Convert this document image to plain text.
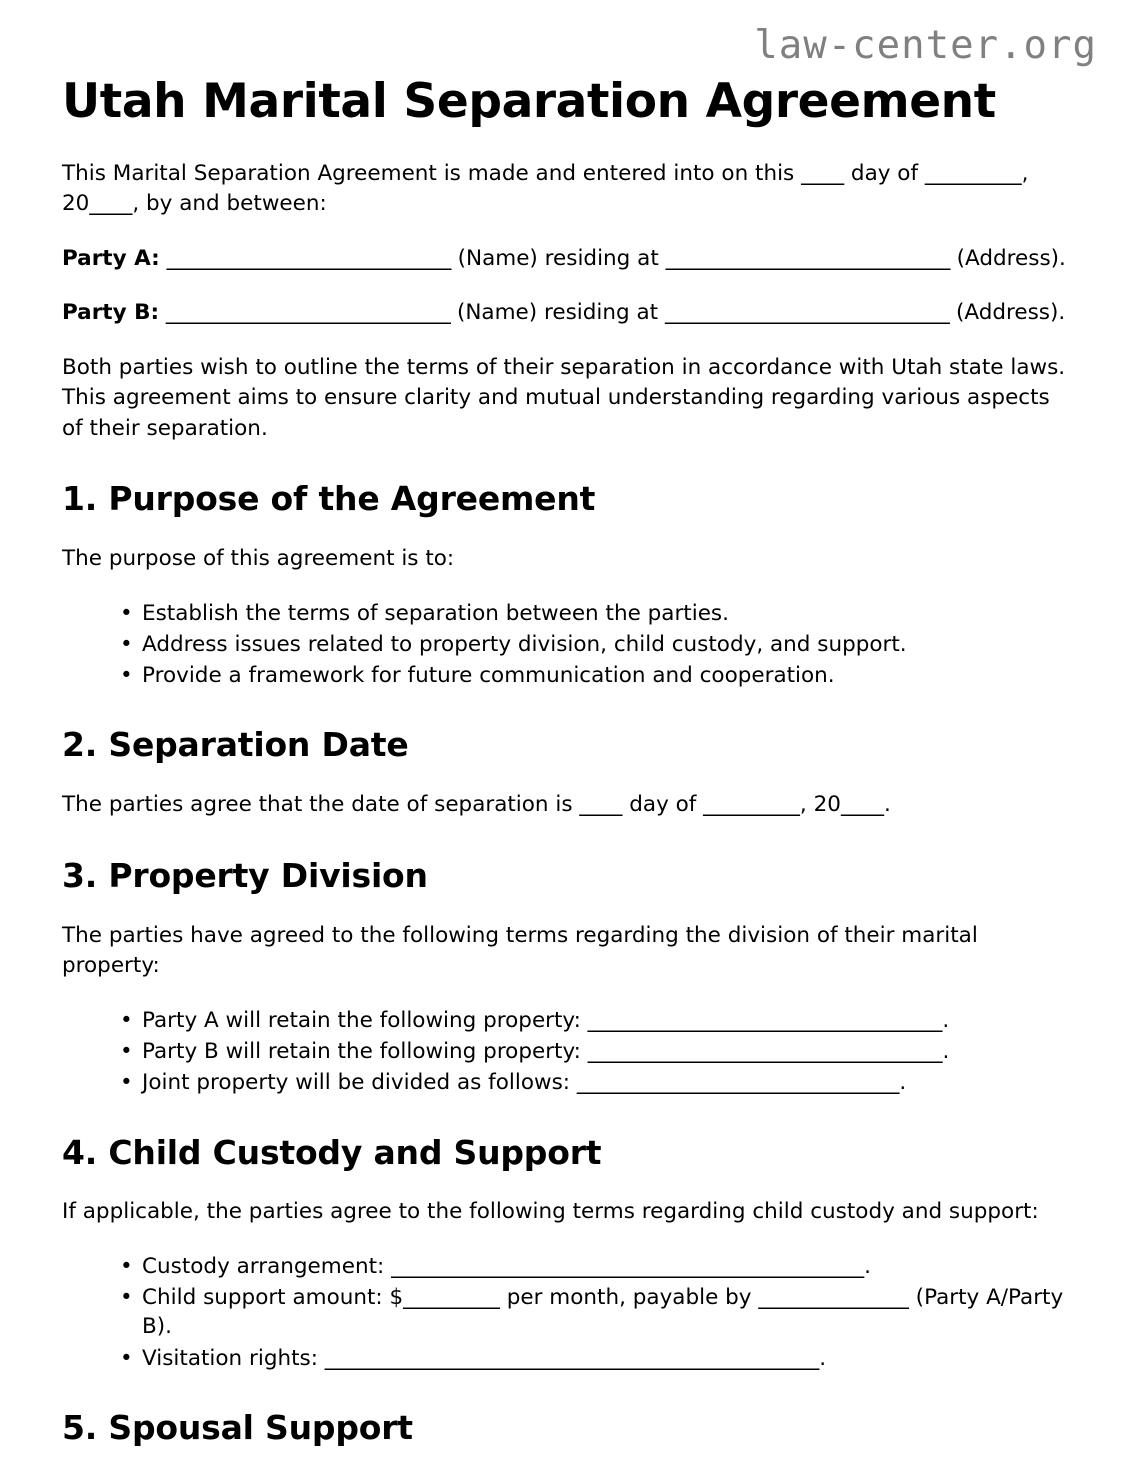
law-center.org
Utah Marital Separation Agreement

This Marital Separation Agreement is made and entered into on this ____ day of _________, 20____, by and between:

Party A: ____________________________ (Name) residing at ____________________________ (Address).

Party B: ____________________________ (Name) residing at ____________________________ (Address).

Both parties wish to outline the terms of their separation in accordance with Utah state laws. This agreement aims to ensure clarity and mutual understanding regarding various aspects of their separation.

1. Purpose of the Agreement

The purpose of this agreement is to:

• Establish the terms of separation between the parties.
• Address issues related to property division, child custody, and support.
• Provide a framework for future communication and cooperation.
2. Separation Date

The parties agree that the date of separation is ____ day of _________, 20____.

3. Property Division

The parties have agreed to the following terms regarding the division of their marital property:

• Party A will retain the following property: _________________________________.
• Party B will retain the following property: _________________________________.
• Joint property will be divided as follows: ______________________________.
4. Child Custody and Support

If applicable, the parties agree to the following terms regarding child custody and support:

• Custody arrangement: ____________________________________________.
• Child support amount: $_________ per month, payable by ______________ (Party A/Party B).
• Visitation rights: ______________________________________________.
5. Spousal Support
